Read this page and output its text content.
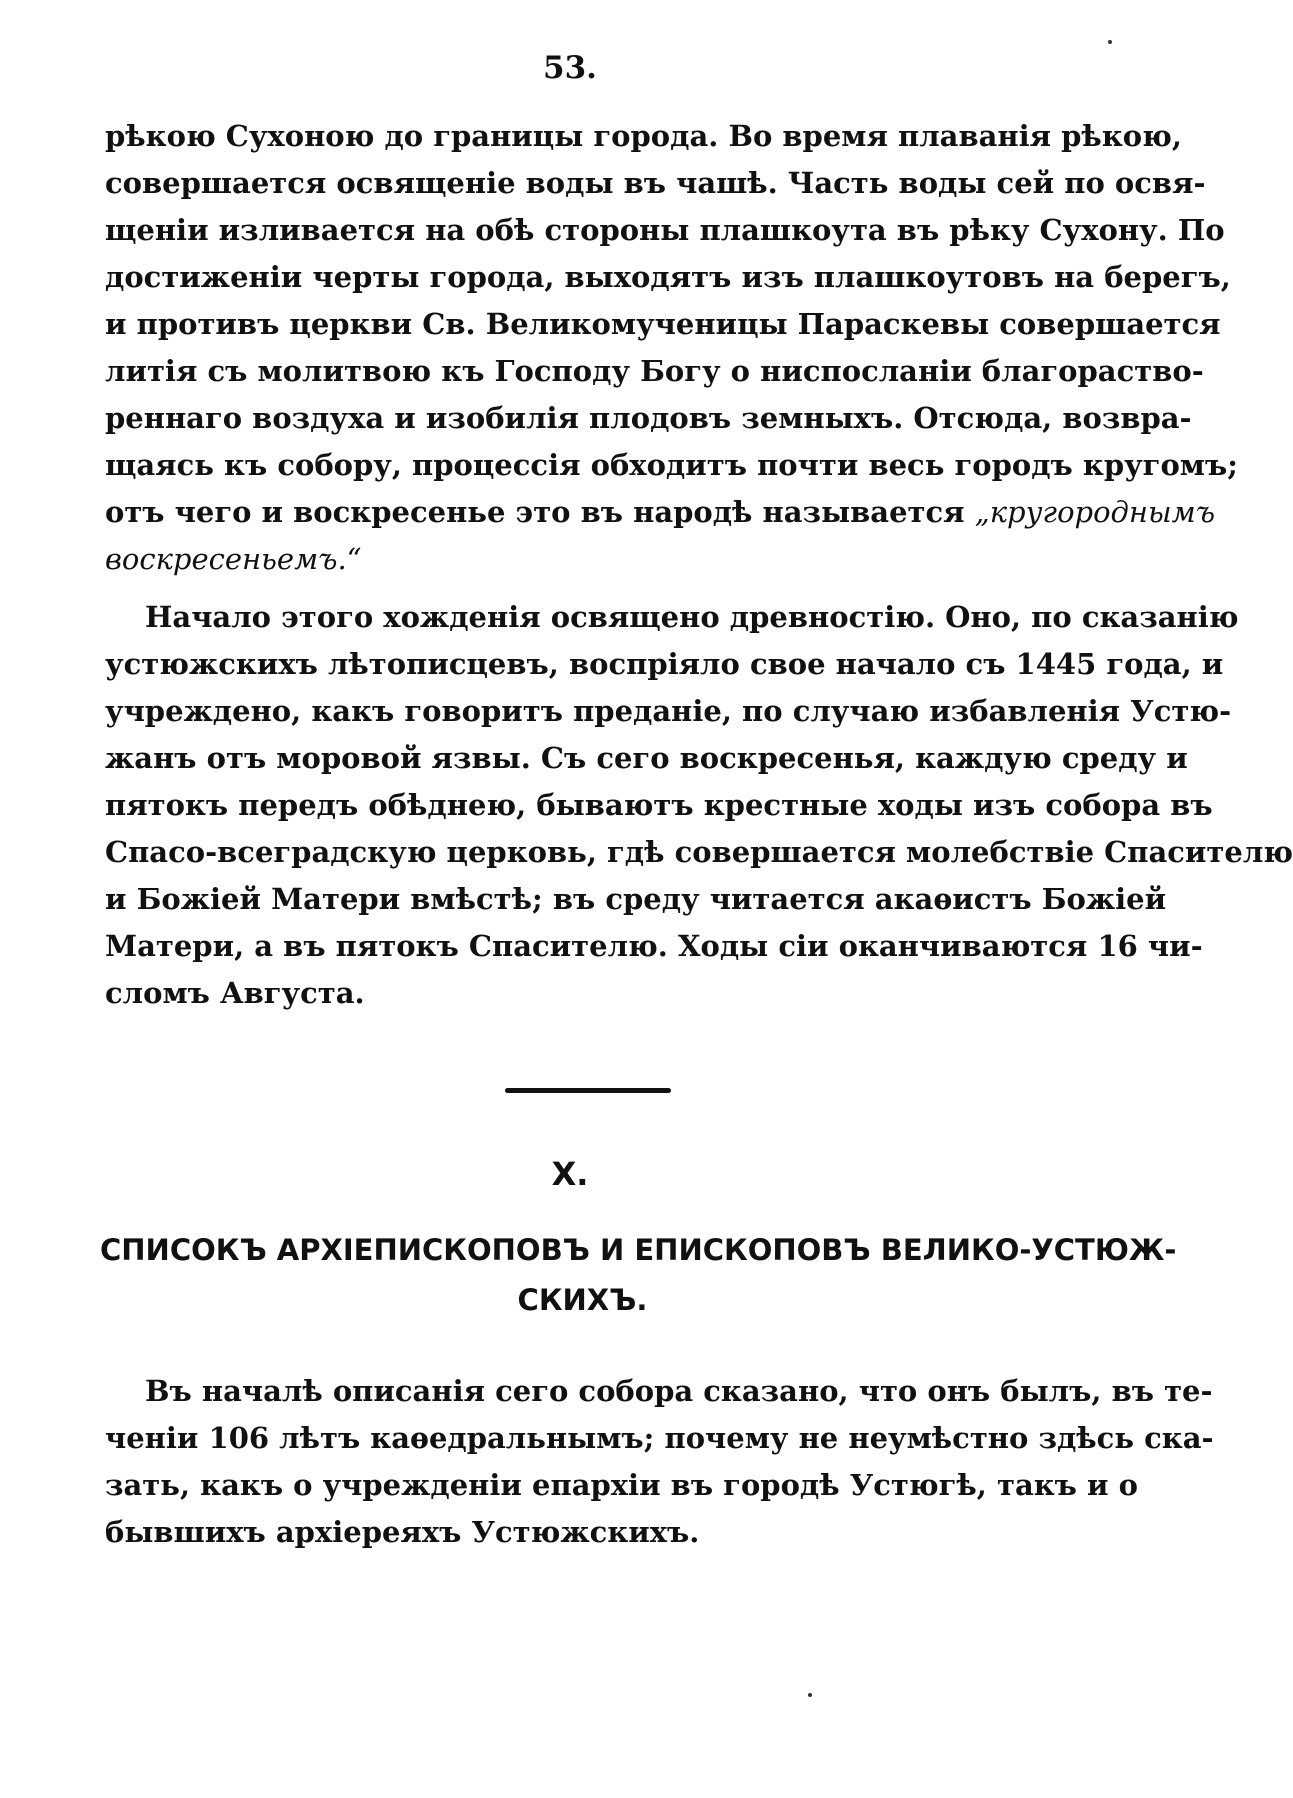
53.
рѣкою Сухоною до границы города. Во время плаванія рѣкою,
совершается освященіе воды въ чашѣ. Часть воды сей по освя-
щеніи изливается на обѣ стороны плашкоута въ рѣку Сухону. По
достиженіи черты города, выходятъ изъ плашкоутовъ на берегъ,
и противъ церкви Св. Великомученицы Параскевы совершается
литія съ молитвою къ Господу Богу о ниспосланіи благораство-
реннаго воздуха и изобилія плодовъ земныхъ. Отсюда, возвра-
щаясь къ собору, процессія обходитъ почти весь городъ кругомъ;
отъ чего и воскресенье это въ народѣ называется „кругороднымъ
воскресеньемъ.“
Начало этого хожденія освящено древностію. Оно, по сказанію
устюжскихъ лѣтописцевъ, воспріяло свое начало съ 1445 года, и
учреждено, какъ говоритъ преданіе, по случаю избавленія Устю-
жанъ отъ моровой язвы. Съ сего воскресенья, каждую среду и
пятокъ передъ обѣднею, бываютъ крестные ходы изъ собора въ
Спасо-всеградскую церковь, гдѣ совершается молебствіе Спасителю
и Божіей Матери вмѣстѣ; въ среду читается акаѳистъ Божіей
Матери, а въ пятокъ Спасителю. Ходы сіи оканчиваются 16 чи-
сломъ Августа.
X.
СПИСОКЪ АРХІЕПИСКОПОВЪ И ЕПИСКОПОВЪ ВЕЛИКО-УСТЮЖ-
СКИХЪ.
Въ началѣ описанія сего собора сказано, что онъ былъ, въ те-
ченіи 106 лѣтъ каѳедральнымъ; почему не неумѣстно здѣсь ска-
зать, какъ о учрежденіи епархіи въ городѣ Устюгѣ, такъ и о
бывшихъ архіереяхъ Устюжскихъ.
